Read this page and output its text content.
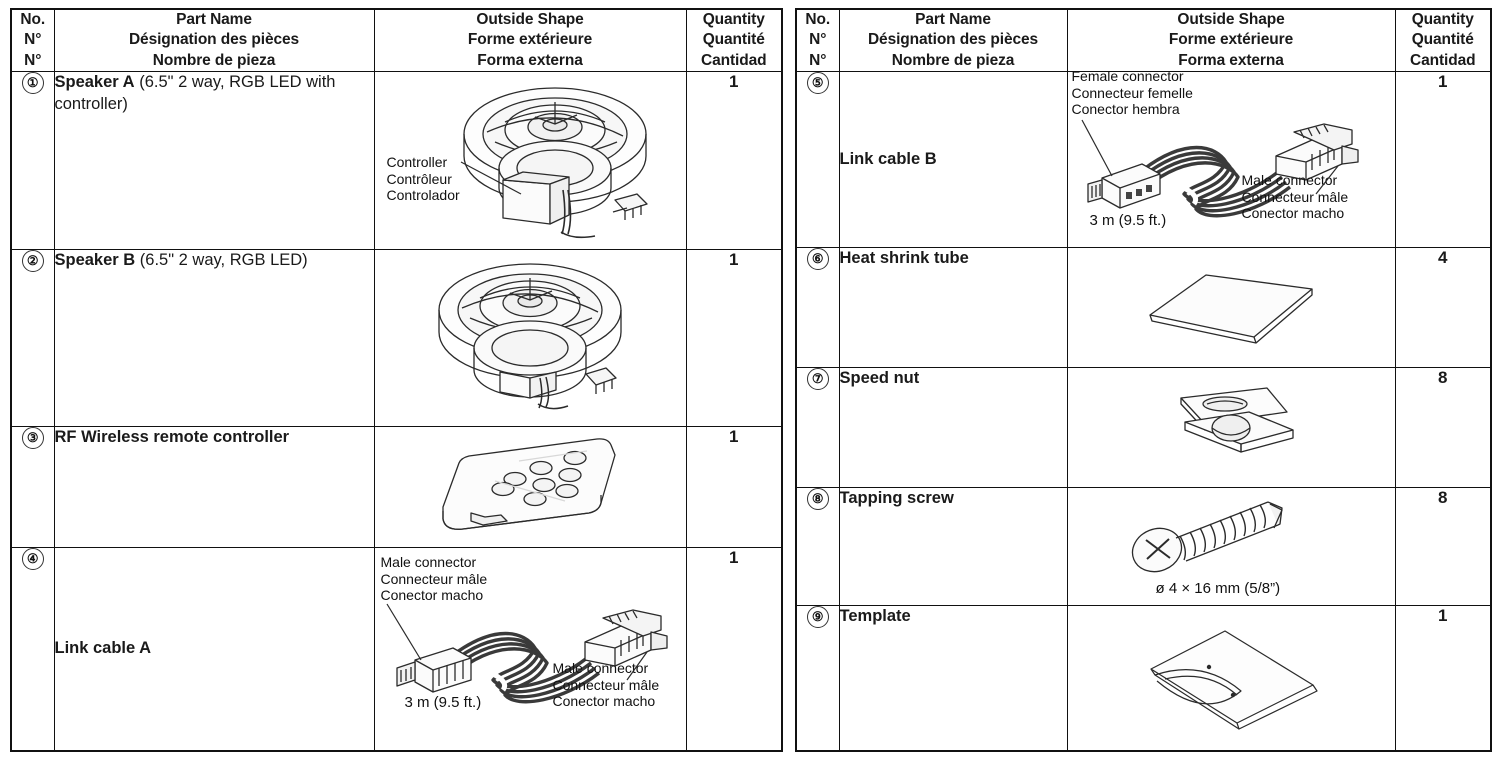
No.
N°
N°	Part Name
Désignation des pièces
Nombre de pieza	Outside Shape
Forme extérieure
Forma externa	Quantity
Quantité
Cantidad

①	Speaker A (6.5" 2 way, RGB LED with controller)	Controller
Contrôleur
Controlador	1
②	Speaker B (6.5" 2 way, RGB LED)		1
③	RF Wireless remote controller		1
④	Link cable A	
Male connector
Connecteur mâle
Conector macho
Male connector
Connecteur mâle
Conector macho
3 m (9.5 ft.)
	1
No.
N°
N°	Part Name
Désignation des pièces
Nombre de pieza	Outside Shape
Forme extérieure
Forma externa	Quantity
Quantité
Cantidad

⑤	Link cable B	
Female connector
Connecteur femelle
Conector hembra
Male connector
Connecteur mâle
Conector macho
3 m (9.5 ft.)
	1
⑥	Heat shrink tube		4
⑦	Speed nut		8
⑧	Tapping screw	ø 4 × 16 mm (5/8”)	8
⑨	Template		1
